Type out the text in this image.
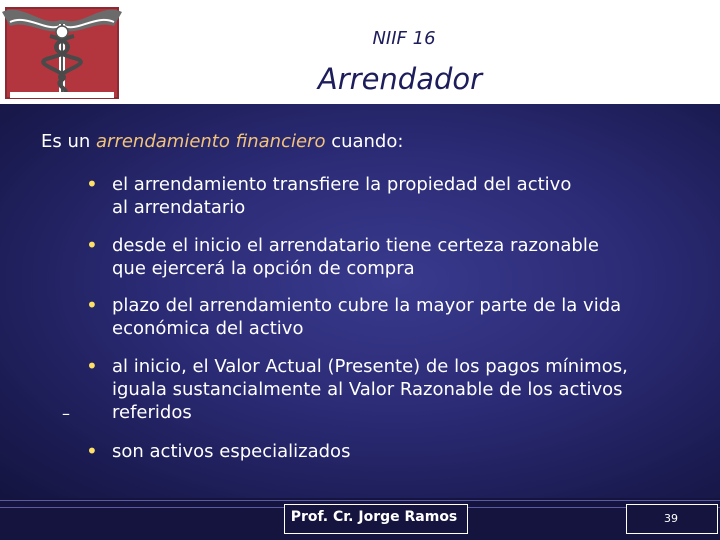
NIIF 16
Arrendador
Es un arrendamiento financiero cuando:
• el arrendamiento transfiere la propiedad del activo
al arrendatario
• desde el inicio el arrendatario tiene certeza razonable
que ejercerá la opción de compra
• plazo del arrendamiento cubre la mayor parte de la vida
económica del activo
• al inicio, el Valor Actual (Presente) de los pagos mínimos,
iguala sustancialmente al Valor Razonable de los activos
referidos
• son activos especializados
–
Prof. Cr. Jorge Ramos	39
